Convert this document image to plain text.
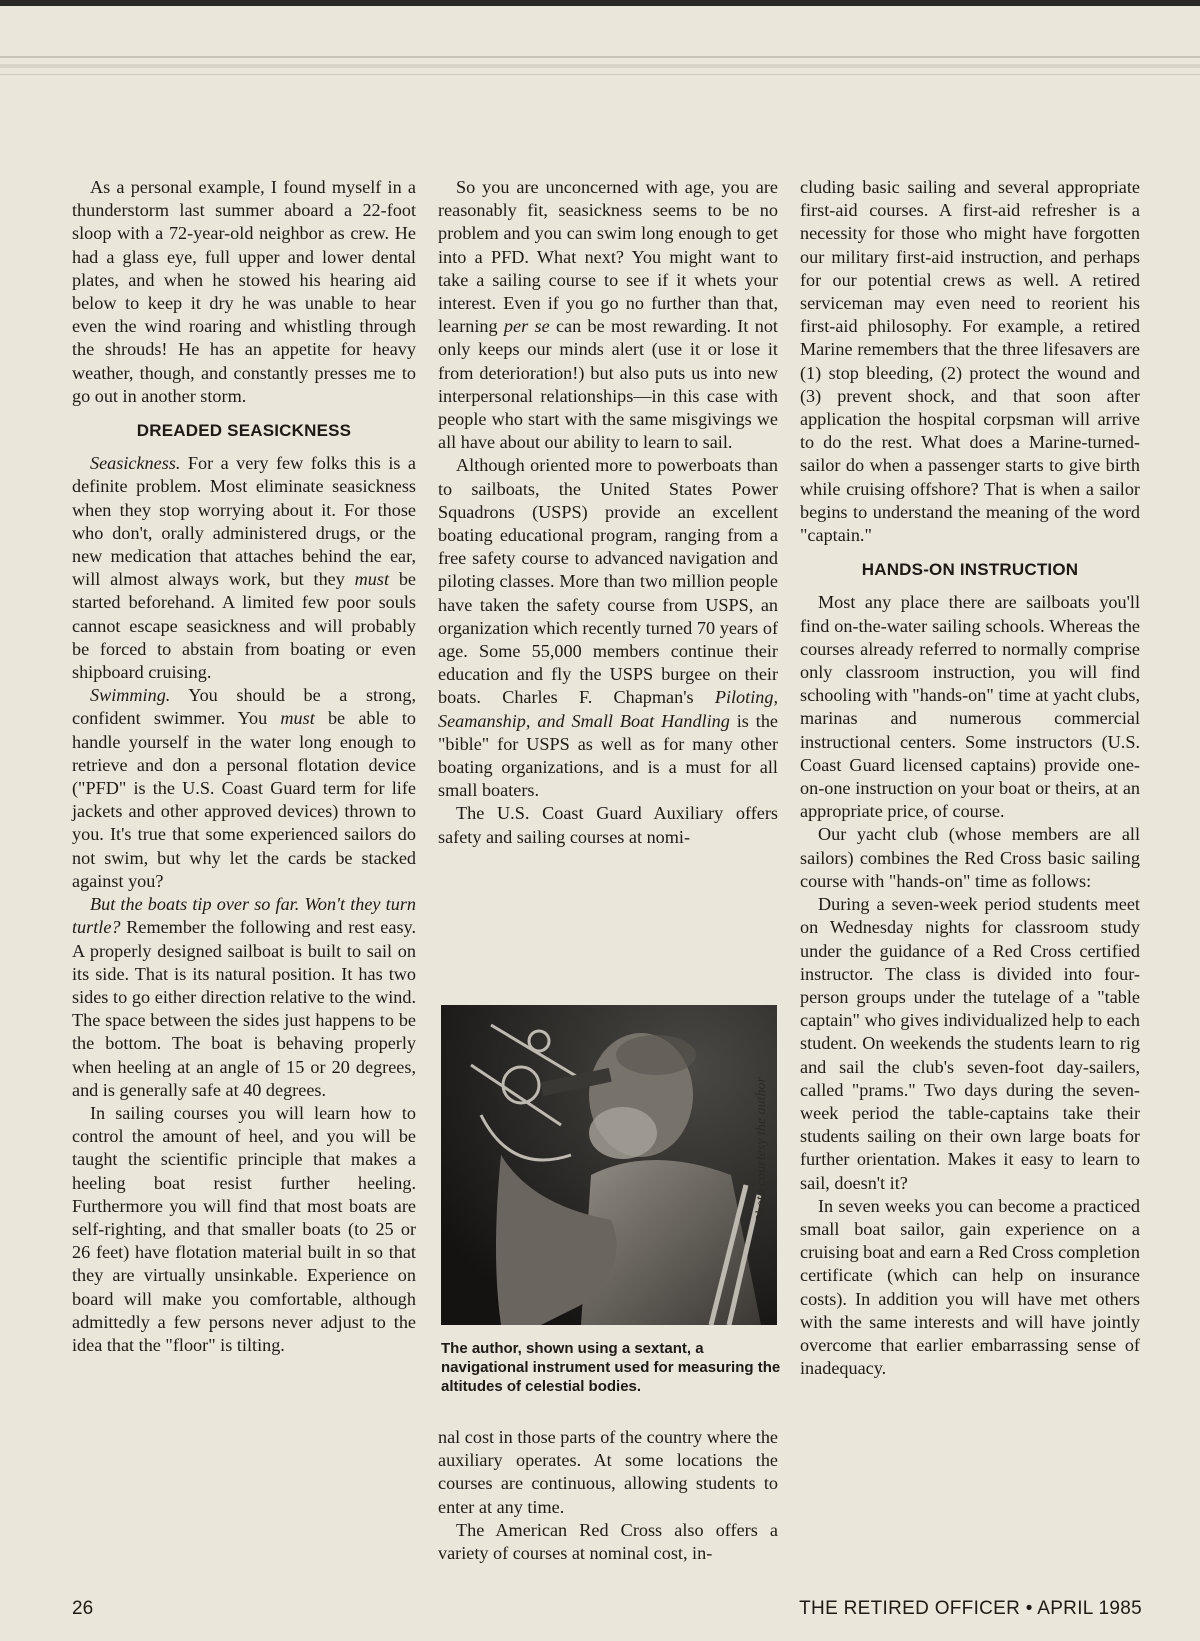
As a personal example, I found myself in a thunderstorm last summer aboard a 22-foot sloop with a 72-year-old neighbor as crew. He had a glass eye, full upper and lower dental plates, and when he stowed his hearing aid below to keep it dry he was unable to hear even the wind roaring and whistling through the shrouds! He has an appetite for heavy weather, though, and constantly presses me to go out in another storm.

DREADED SEASICKNESS

Seasickness. For a very few folks this is a definite problem. Most eliminate seasickness when they stop worrying about it. For those who don't, orally administered drugs, or the new medication that attaches behind the ear, will almost always work, but they must be started beforehand. A limited few poor souls cannot escape seasickness and will probably be forced to abstain from boating or even shipboard cruising.

Swimming. You should be a strong, confident swimmer. You must be able to handle yourself in the water long enough to retrieve and don a personal flotation device ("PFD" is the U.S. Coast Guard term for life jackets and other approved devices) thrown to you. It's true that some experienced sailors do not swim, but why let the cards be stacked against you?

But the boats tip over so far. Won't they turn turtle? Remember the following and rest easy. A properly designed sailboat is built to sail on its side. That is its natural position. It has two sides to go either direction relative to the wind. The space between the sides just happens to be the bottom. The boat is behaving properly when heeling at an angle of 15 or 20 degrees, and is generally safe at 40 degrees.

In sailing courses you will learn how to control the amount of heel, and you will be taught the scientific principle that makes a heeling boat resist further heeling. Furthermore you will find that most boats are self-righting, and that smaller boats (to 25 or 26 feet) have flotation material built in so that they are virtually unsinkable. Experience on board will make you comfortable, although admittedly a few persons never adjust to the idea that the "floor" is tilting.

So you are unconcerned with age, you are reasonably fit, seasickness seems to be no problem and you can swim long enough to get into a PFD. What next? You might want to take a sailing course to see if it whets your interest. Even if you go no further than that, learning per se can be most rewarding. It not only keeps our minds alert (use it or lose it from deterioration!) but also puts us into new interpersonal relationships—in this case with people who start with the same misgivings we all have about our ability to learn to sail.

Although oriented more to powerboats than to sailboats, the United States Power Squadrons (USPS) provide an excellent boating educational program, ranging from a free safety course to advanced navigation and piloting classes. More than two million people have taken the safety course from USPS, an organization which recently turned 70 years of age. Some 55,000 members continue their education and fly the USPS burgee on their boats. Charles F. Chapman's Piloting, Seamanship, and Small Boat Handling is the "bible" for USPS as well as for many other boating organizations, and is a must for all small boaters.

The U.S. Coast Guard Auxiliary offers safety and sailing courses at nomi-

Photo courtesy the author
The author, shown using a sextant, a navigational instrument used for measuring the altitudes of celestial bodies.

nal cost in those parts of the country where the auxiliary operates. At some locations the courses are continuous, allowing students to enter at any time.

The American Red Cross also offers a variety of courses at nominal cost, in-

cluding basic sailing and several appropriate first-aid courses. A first-aid refresher is a necessity for those who might have forgotten our military first-aid instruction, and perhaps for our potential crews as well. A retired serviceman may even need to reorient his first-aid philosophy. For example, a retired Marine remembers that the three lifesavers are (1) stop bleeding, (2) protect the wound and (3) prevent shock, and that soon after application the hospital corpsman will arrive to do the rest. What does a Marine-turned-sailor do when a passenger starts to give birth while cruising offshore? That is when a sailor begins to understand the meaning of the word "captain."

HANDS-ON INSTRUCTION

Most any place there are sailboats you'll find on-the-water sailing schools. Whereas the courses already referred to normally comprise only classroom instruction, you will find schooling with "hands-on" time at yacht clubs, marinas and numerous commercial instructional centers. Some instructors (U.S. Coast Guard licensed captains) provide one-on-one instruction on your boat or theirs, at an appropriate price, of course.

Our yacht club (whose members are all sailors) combines the Red Cross basic sailing course with "hands-on" time as follows:

During a seven-week period students meet on Wednesday nights for classroom study under the guidance of a Red Cross certified instructor. The class is divided into four-person groups under the tutelage of a "table captain" who gives individualized help to each student. On weekends the students learn to rig and sail the club's seven-foot day-sailers, called "prams." Two days during the seven-week period the table-captains take their students sailing on their own large boats for further orientation. Makes it easy to learn to sail, doesn't it?

In seven weeks you can become a practiced small boat sailor, gain experience on a cruising boat and earn a Red Cross completion certificate (which can help on insurance costs). In addition you will have met others with the same interests and will have jointly overcome that earlier embarrassing sense of inadequacy.

26	THE RETIRED OFFICER • APRIL 1985
